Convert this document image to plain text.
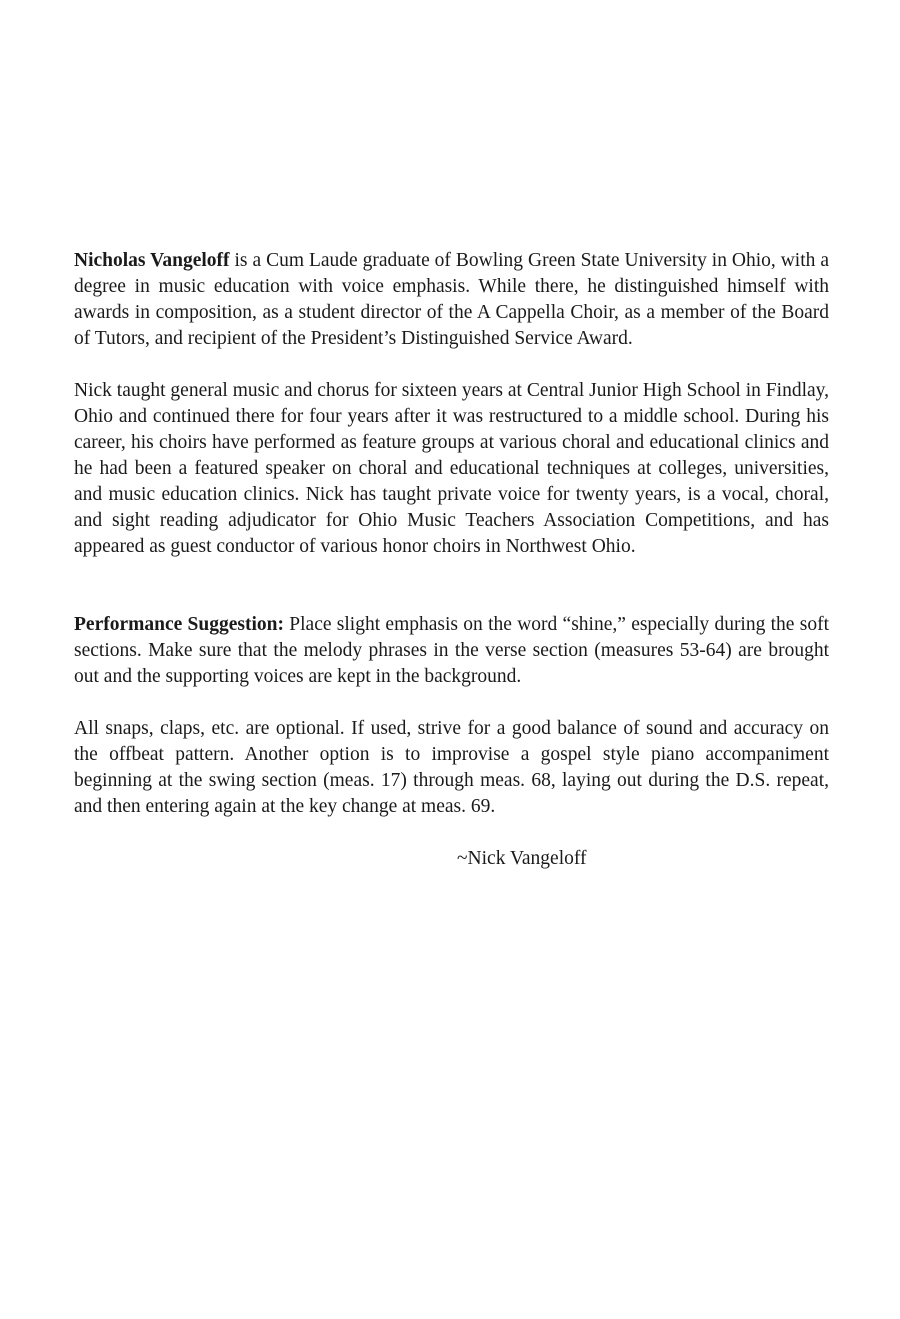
Nicholas Vangeloff is a Cum Laude graduate of Bowling Green State University in Ohio, with a degree in music education with voice emphasis. While there, he distinguished himself with awards in composition, as a student director of the A Cappella Choir, as a member of the Board of Tutors, and recipient of the President’s Distinguished Service Award.

Nick taught general music and chorus for sixteen years at Central Junior High School in Findlay, Ohio and continued there for four years after it was restructured to a middle school. During his career, his choirs have performed as feature groups at various choral and educational clinics and he had been a featured speaker on choral and educational techniques at colleges, universities, and music education clinics. Nick has taught private voice for twenty years, is a vocal, choral, and sight reading adjudicator for Ohio Music Teachers Association Competitions, and has appeared as guest conductor of various honor choirs in Northwest Ohio.

Performance Suggestion: Place slight emphasis on the word “shine,” especially during the soft sections. Make sure that the melody phrases in the verse section (measures 53-64) are brought out and the supporting voices are kept in the background.

All snaps, claps, etc. are optional. If used, strive for a good balance of sound and accuracy on the offbeat pattern. Another option is to improvise a gospel style piano accompaniment beginning at the swing section (meas. 17) through meas. 68, laying out during the D.S. repeat, and then entering again at the key change at meas. 69.

~Nick Vangeloff
